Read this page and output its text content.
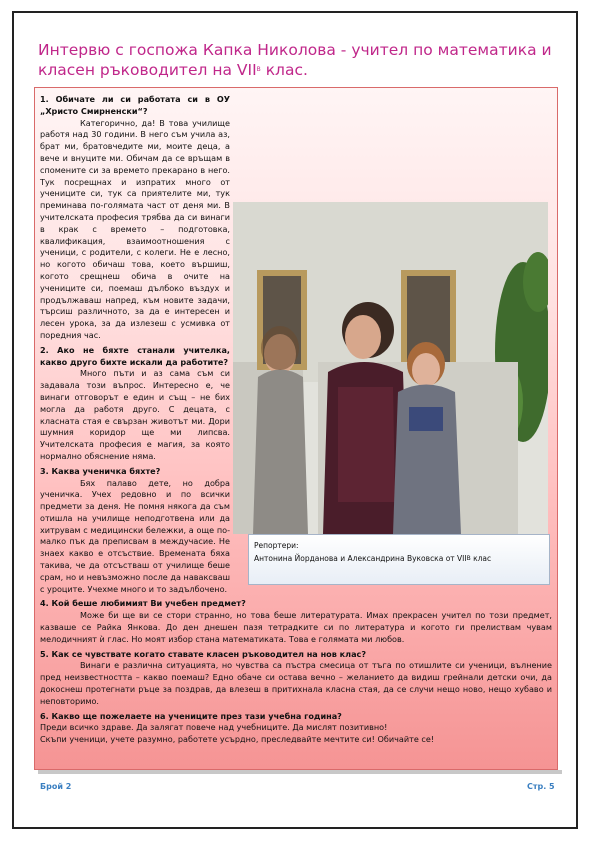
Интервю с госпожа Капка Николова - учител по математика и класен ръководител на $VII^В$ клас.
Репортери:
Антонина Йорданова и Александрина Вуковска от $VII^В$ клас

1. Обичате ли си работата си в ОУ „Христо Смирненски“?

Категорично, да! В това училище работя над 30 години. В него съм учила аз, брат ми, братовчедите ми, моите деца, а вече и внуците ми. Обичам да се връщам в спомените си за времето прекарано в него. Тук посрещнах и изпратих много от учениците си, тук са приятелите ми, тук преминава по-голямата част от деня ми. В учителската професия трябва да си винаги в крак с времето – подготовка, квалификация, взаимоотношения с ученици, с родители, с колеги. Не е лесно, но когото обичаш това, което вършиш, когото срещнеш обича в очите на учениците си, поемаш дълбоко въздух и продължаваш напред, към новите задачи, търсиш различното, за да е интересен и лесен урока, за да излезеш с усмивка от поредния час.

2. Ако не бяхте станали учителка, какво друго бихте искали да работите?

Много пъти и аз сама съм си задавала този въпрос. Интересно е, че винаги отговорът е един и същ – не бих могла да работя друго. С децата, с класната стая е свързан животът ми. Дори шумния коридор ще ми липсва. Учителската професия е магия, за която нормално обяснение няма.

3. Каква ученичка бяхте?

Бях палаво дете, но добра ученичка. Учех редовно и по всички предмети за деня. Не помня някога да съм отишла на училище неподготвена или да хитрувам с медицински бележки, а още по-малко пък да преписвам в междучасие. Не знаех какво е отсъствие. Времената бяха такива, че да отсъстваш от училище беше срам, но и невъзможно после да наваксваш с уроците. Учехме много и то задълбочено.

4. Кой беше любимият Ви учебен предмет?

Може би ще ви се стори странно, но това беше литературата. Имах прекрасен учител по този предмет, казваше се Райка Янкова. До ден днешен пазя тетрадките си по литература и когото ги прелиствам чувам мелодичният ѝ глас. Но моят избор стана математиката. Това е голямата ми любов.

5. Как се чувствате когато ставате класен ръководител на нов клас?

Винаги е различна ситуацията, но чувства са пъстра смесица от тъга по отишлите си ученици, вълнение пред неизвестността – какво поемаш? Едно обаче си остава вечно – желанието да видиш грейнали детски очи, да докоснеш протегнати ръце за поздрав, да влезеш в притихнала класна стая, да се случи нещо ново, нещо хубаво и неповторимо.

6. Какво ще пожелаете на учениците през тази учебна година?

Преди всичко здраве. Да залягат повече над учебниците. Да мислят позитивно!

Скъпи ученици, учете разумно, работете усърдно, преследвайте мечтите си! Обичайте се!

Брой 2	Стр. 5
